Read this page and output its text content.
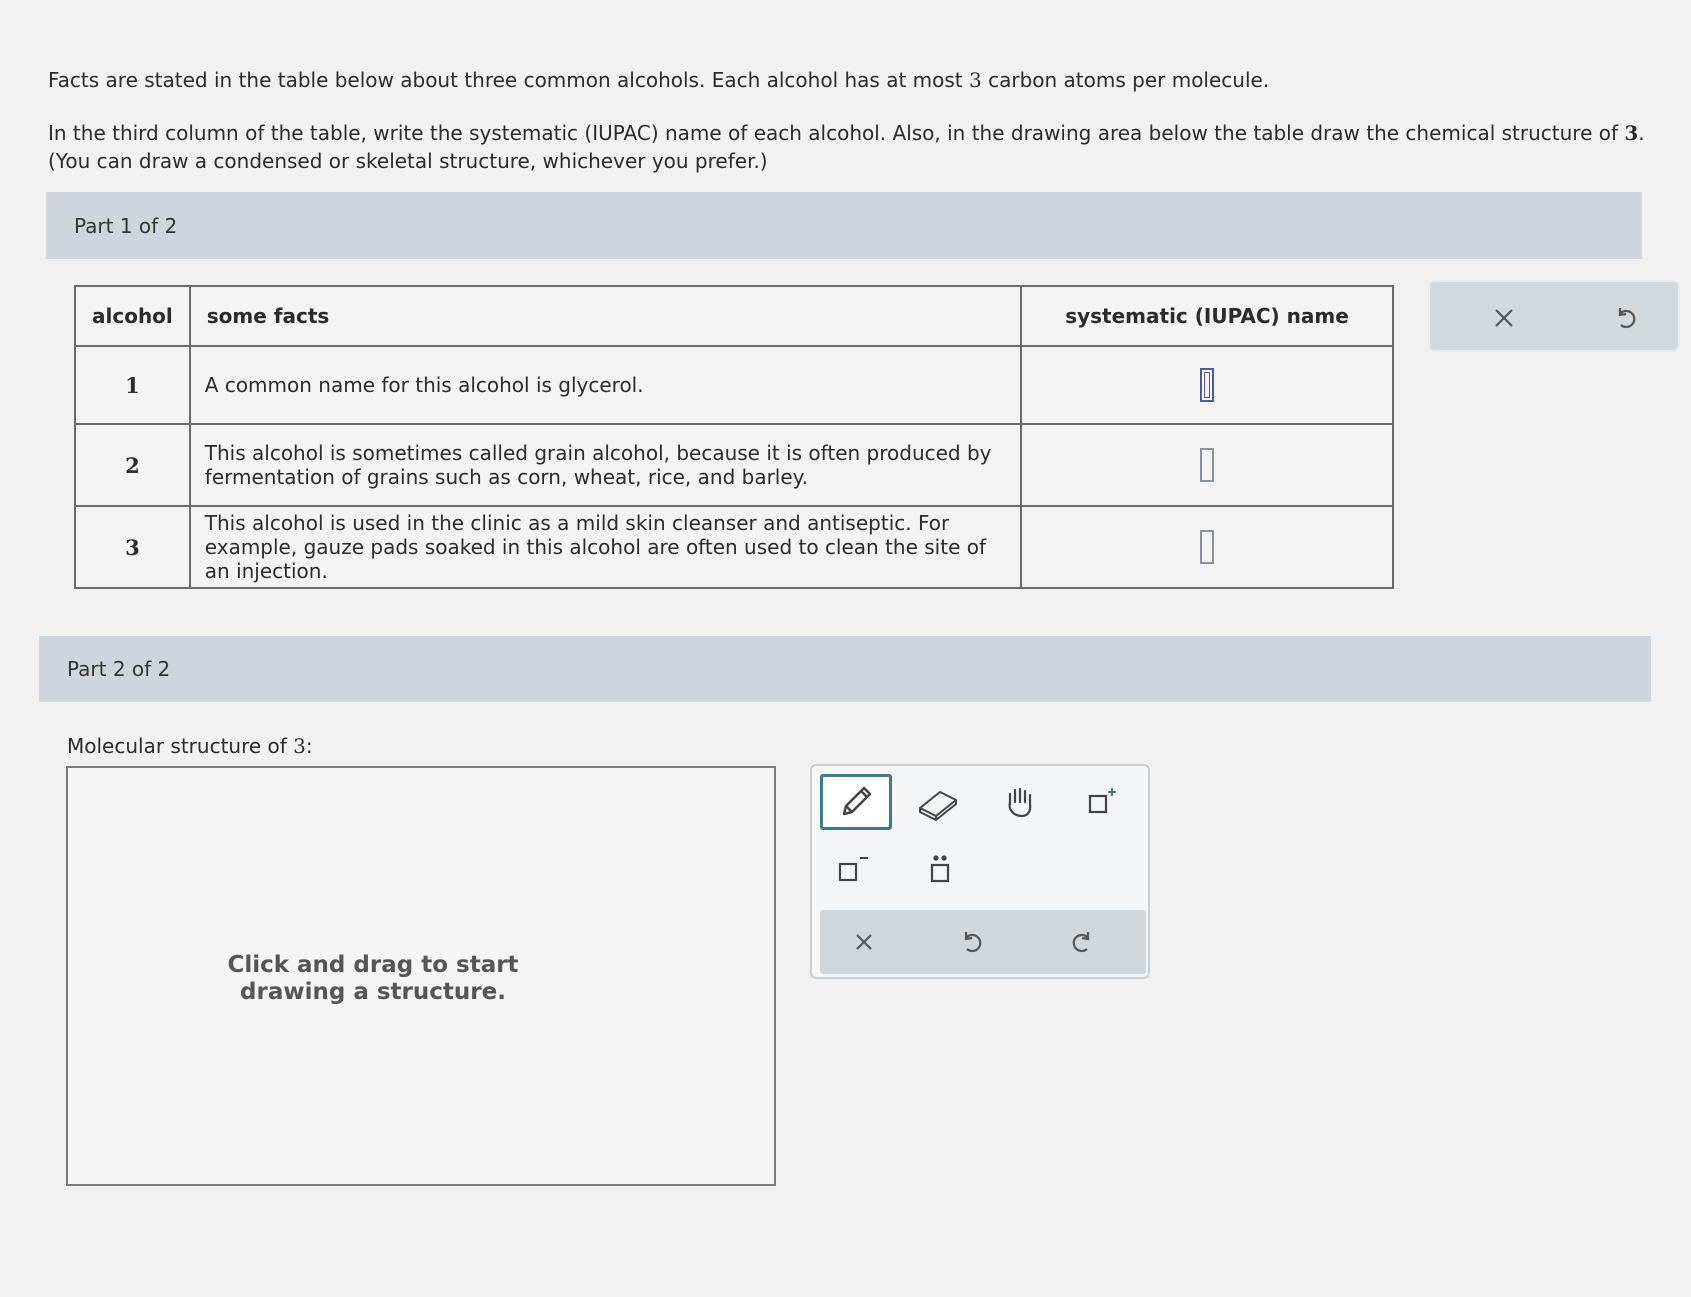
Facts are stated in the table below about three common alcohols. Each alcohol has at most 3 carbon atoms per molecule.

In the third column of the table, write the systematic (IUPAC) name of each alcohol. Also, in the drawing area below the table draw the chemical structure of 3.

(You can draw a condensed or skeletal structure, whichever you prefer.)

Part 1 of 2
alcohol	some facts	systematic (IUPAC) name
1	A common name for this alcohol is glycerol.	
2	This alcohol is sometimes called grain alcohol, because it is often produced by fermentation of grains such as corn, wheat, rice, and barley.	
3	This alcohol is used in the clinic as a mild skin cleanser and antiseptic. For example, gauze pads soaked in this alcohol are often used to clean the site of an injection.	
Part 2 of 2
Molecular structure of 3:
Click and drag to start
drawing a structure.
